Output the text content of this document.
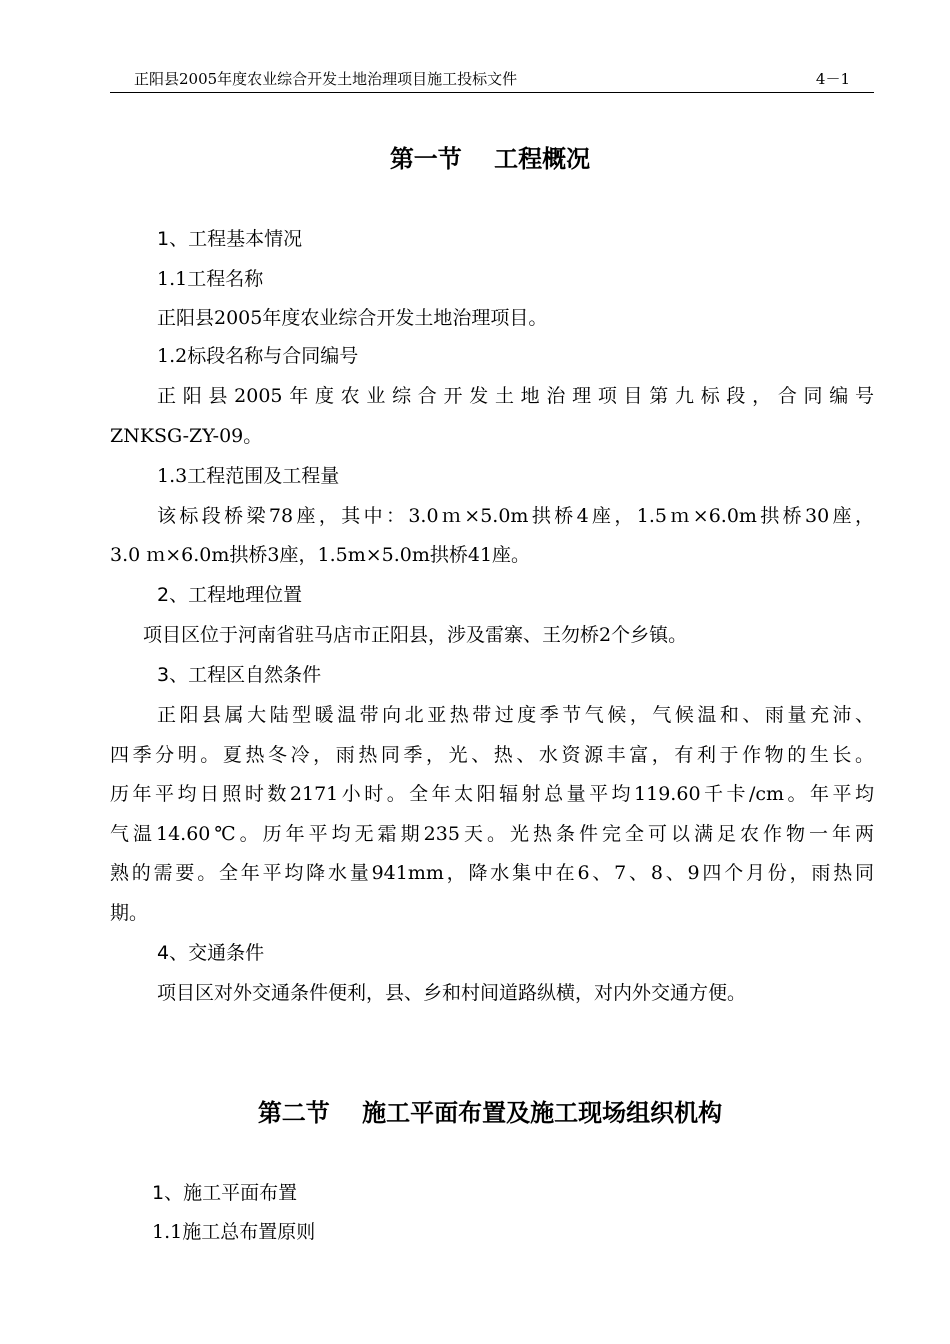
正阳县2005年度农业综合开发土地治理项目施工投标文件	4－1
第一节　 工程概况
1、工程基本情况
1.1工程名称
正阳县2005年度农业综合开发土地治理项目。
1.2标段名称与合同编号
正阳县2005年度农业综合开发土地治理项目第九标段，合同编号
ZNKSG-ZY-09。
1.3工程范围及工程量
该标段桥梁78座，其中：3.0ｍ×5.0m拱桥4座，1.5ｍ×6.0m拱桥30座，
3.0 ｍ×6.0m拱桥3座，1.5m×5.0m拱桥41座。
2、工程地理位置
项目区位于河南省驻马店市正阳县，涉及雷寨、王勿桥2个乡镇。
3、工程区自然条件
正阳县属大陆型暖温带向北亚热带过度季节气候，气候温和、雨量充沛、
四季分明。夏热冬冷，雨热同季，光、热、水资源丰富，有利于作物的生长。
历年平均日照时数2171小时。全年太阳辐射总量平均119.60千卡/cm。年平均
气温14.60℃。历年平均无霜期235天。光热条件完全可以满足农作物一年两
熟的需要。全年平均降水量941mm，降水集中在6、7、8、9四个月份，雨热同
期。
4、交通条件
项目区对外交通条件便利，县、乡和村间道路纵横，对内外交通方便。
第二节　 施工平面布置及施工现场组织机构
1、施工平面布置
1.1施工总布置原则
